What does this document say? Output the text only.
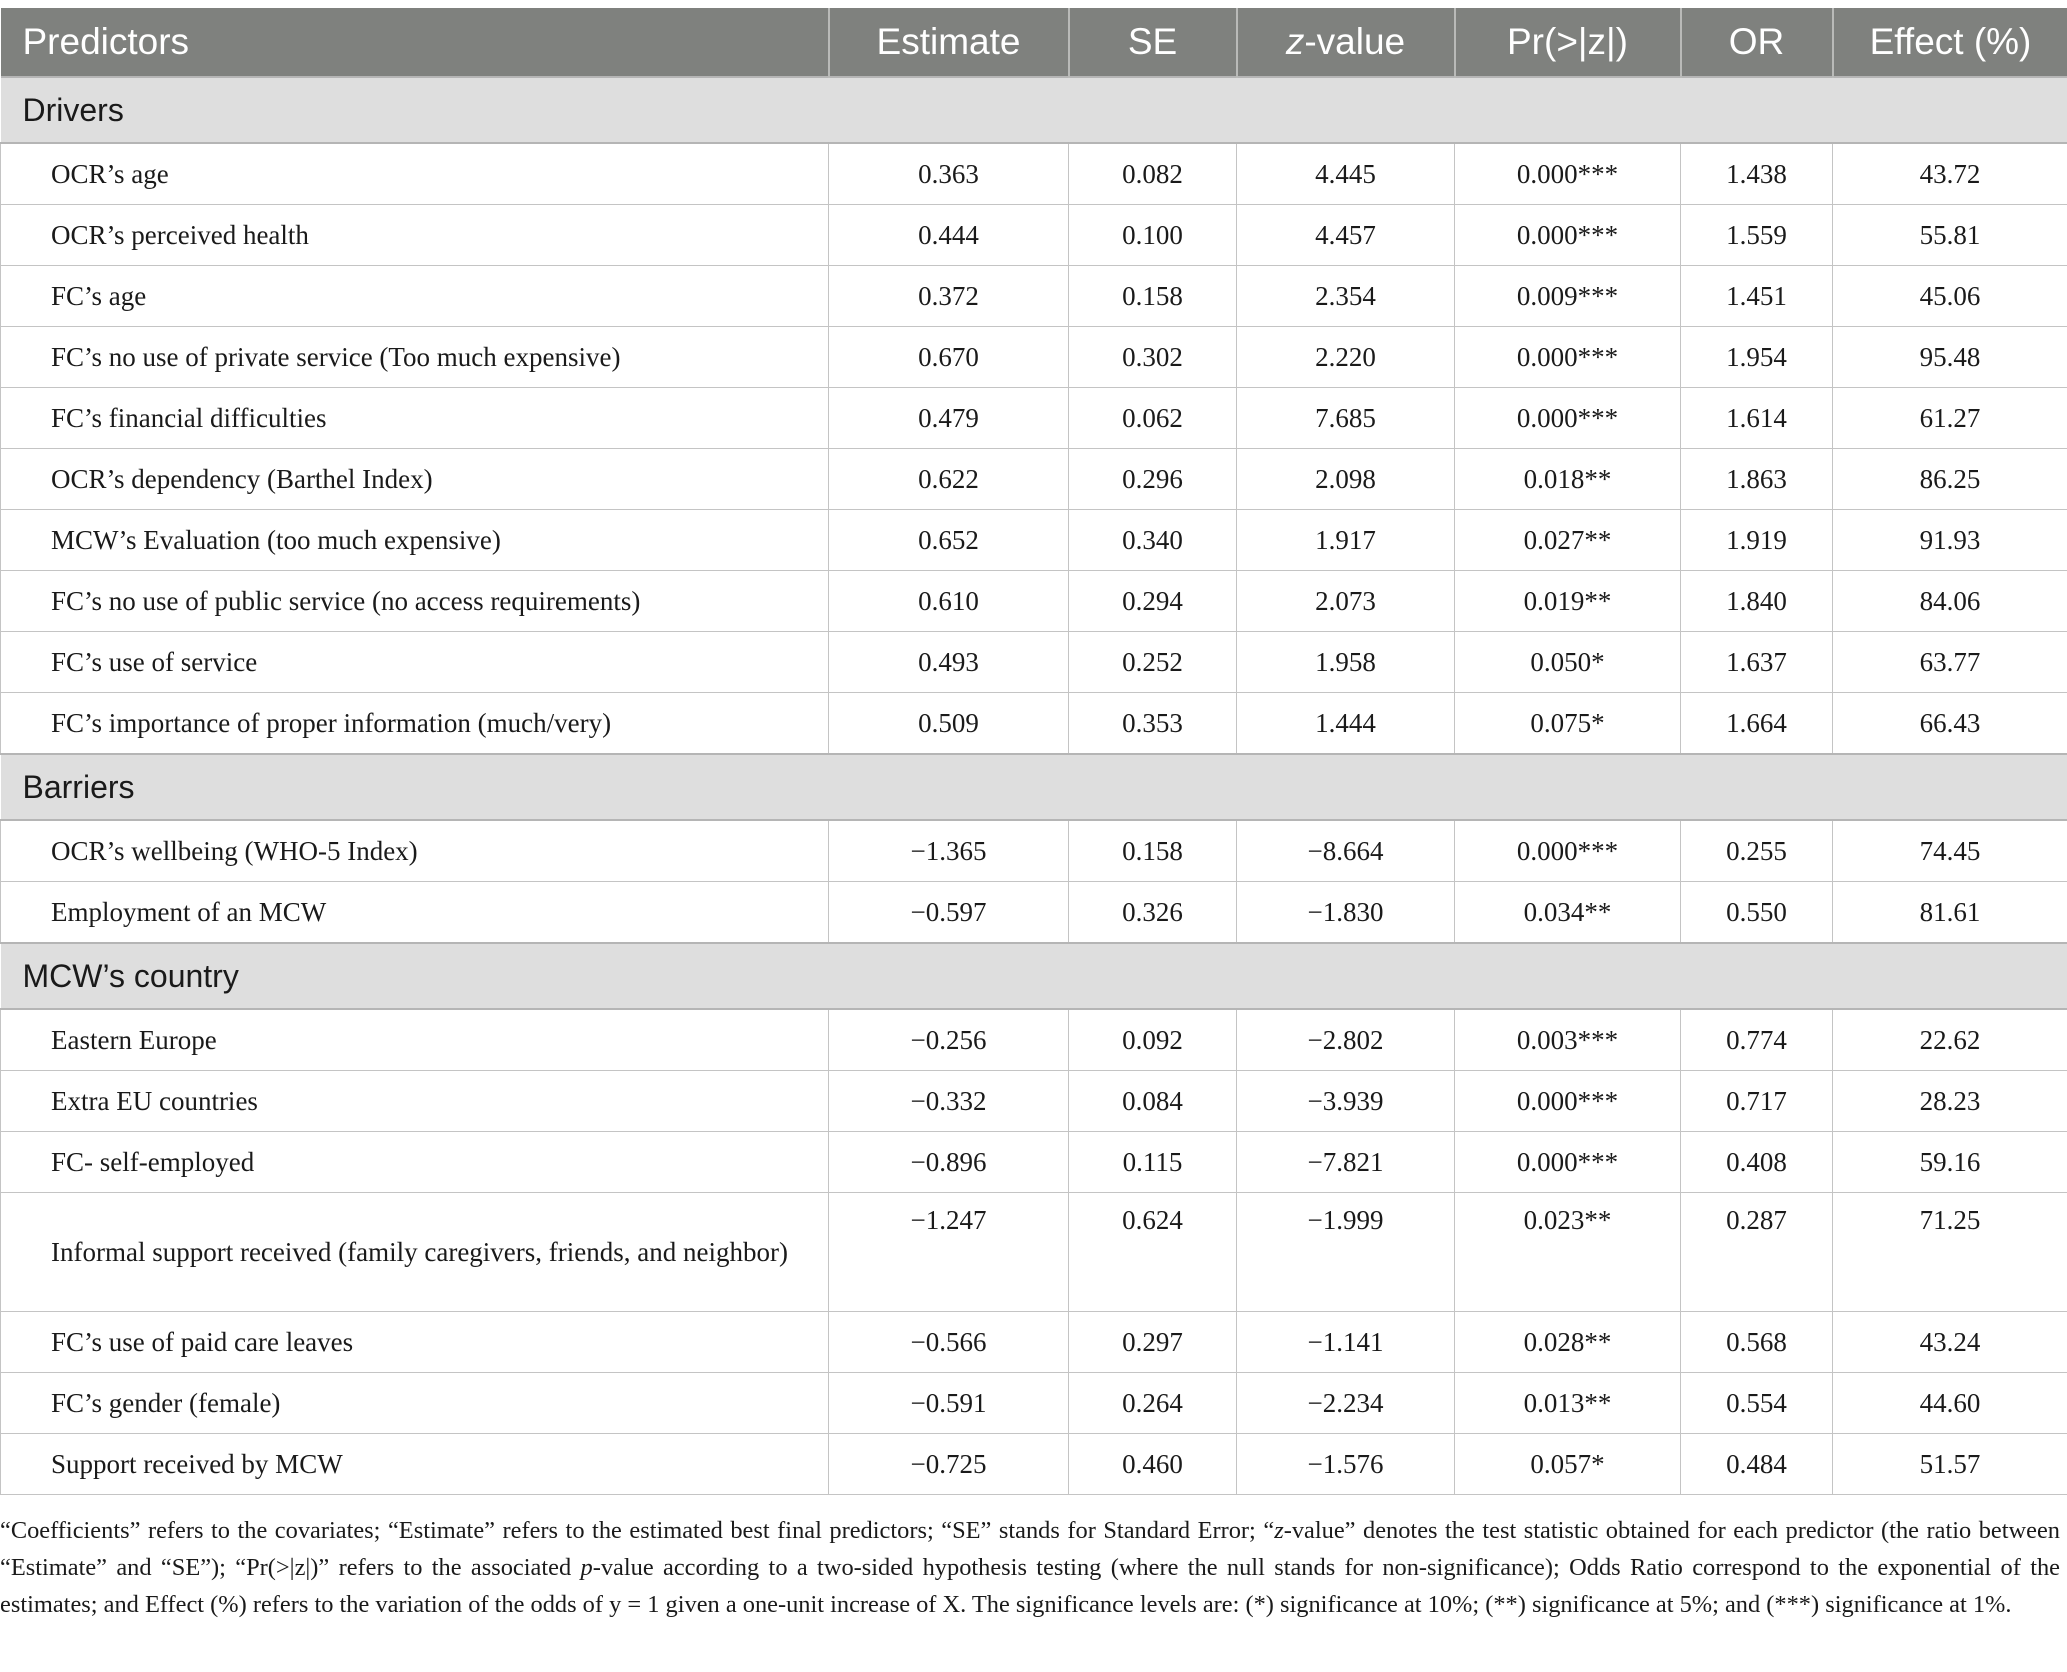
Predictors	Estimate	SE	z-value	Pr(>|z|)	OR	Effect (%)
Drivers						
OCR’s age	0.363	0.082	4.445	0.000***	1.438	43.72
OCR’s perceived health	0.444	0.100	4.457	0.000***	1.559	55.81
FC’s age	0.372	0.158	2.354	0.009***	1.451	45.06
FC’s no use of private service (Too much expensive)	0.670	0.302	2.220	0.000***	1.954	95.48
FC’s financial difficulties	0.479	0.062	7.685	0.000***	1.614	61.27
OCR’s dependency (Barthel Index)	0.622	0.296	2.098	0.018**	1.863	86.25
MCW’s Evaluation (too much expensive)	0.652	0.340	1.917	0.027**	1.919	91.93
FC’s no use of public service (no access requirements)	0.610	0.294	2.073	0.019**	1.840	84.06
FC’s use of service	0.493	0.252	1.958	0.050*	1.637	63.77
FC’s importance of proper information (much/very)	0.509	0.353	1.444	0.075*	1.664	66.43
Barriers						
OCR’s wellbeing (WHO-5 Index)	−1.365	0.158	−8.664	0.000***	0.255	74.45
Employment of an MCW	−0.597	0.326	−1.830	0.034**	0.550	81.61
MCW’s country						
Eastern Europe	−0.256	0.092	−2.802	0.003***	0.774	22.62
Extra EU countries	−0.332	0.084	−3.939	0.000***	0.717	28.23
FC- self-employed	−0.896	0.115	−7.821	0.000***	0.408	59.16
Informal support received (family caregivers, friends, and neighbor)	−1.247	0.624	−1.999	0.023**	0.287	71.25
FC’s use of paid care leaves	−0.566	0.297	−1.141	0.028**	0.568	43.24
FC’s gender (female)	−0.591	0.264	−2.234	0.013**	0.554	44.60
Support received by MCW	−0.725	0.460	−1.576	0.057*	0.484	51.57
“Coefficients” refers to the covariates; “Estimate” refers to the estimated best final predictors; “SE” stands for Standard Error; “z-value” denotes the test statistic obtained for each predictor (the ratio between “Estimate” and “SE”); “Pr(>|z|)” refers to the associated p-value according to a two-sided hypothesis testing (where the null stands for non-significance); Odds Ratio correspond to the exponential of the estimates; and Effect (%) refers to the variation of the odds of y = 1 given a one-unit increase of X. The significance levels are: (*) significance at 10%; (**) significance at 5%; and (***) significance at 1%.
